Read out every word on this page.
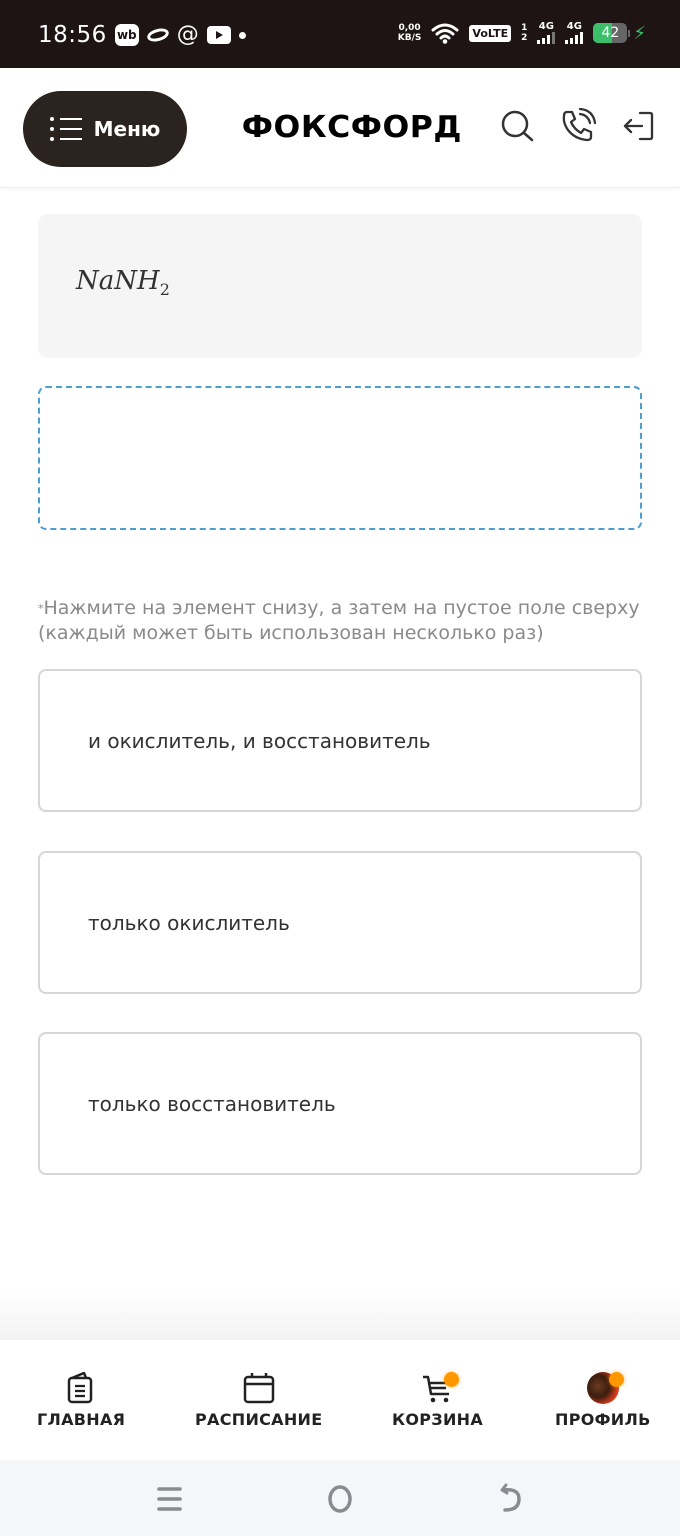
18:56 wb @	0,00
KB/S	VoLTE	1
2
4G 4G 42 ⚡
Меню	ФОКСФОРД
NaNH$_2$
*Нажмите на элемент снизу, а затем на пустое поле сверху (каждый может быть использован несколько раз)
и окислитель, и восстановитель
только окислитель
только восстановитель
ГЛАВНАЯ	РАСПИСАНИЕ	КОРЗИНА	ПРОФИЛЬ
